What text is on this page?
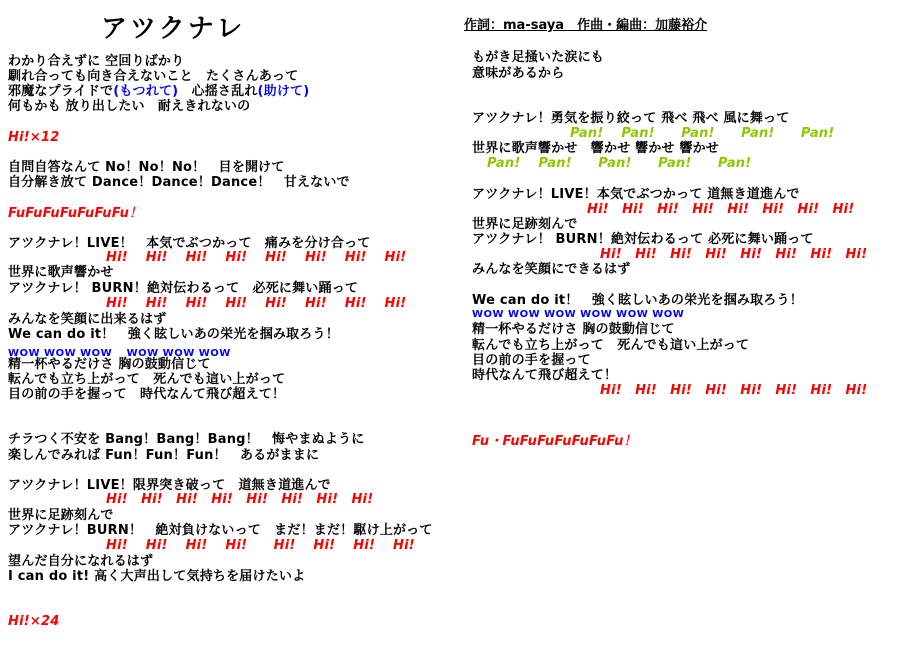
アツクナレ	作詞：ma-saya　作曲・編曲：加藤裕介
わかり合えずに 空回りばかり
馴れ合っても向き合えないこと　たくさんあって
邪魔なプライドで(もつれて)　心揺さ乱れ(助けて)
何もかも 放り出したい　耐えきれないの
Hi!×12
自問自答なんて No！No！No！　目を開けて
自分解き放て Dance！Dance！Dance！　甘えないで
FuFuFuFuFuFuFu！
アツクナレ！LIVE！　本気でぶつかって　痛みを分け合って
Hi!　 Hi!　 Hi!　 Hi!　 Hi!　 Hi!　 Hi!　 Hi!
世界に歌声響かせ
アツクナレ！ BURN！絶対伝わるって　必死に舞い踊って
Hi!　 Hi!　 Hi!　 Hi!　 Hi!　 Hi!　 Hi!　 Hi!
みんなを笑顔に出来るはず
We can do it！　強く眩しいあの栄光を掴み取ろう！
WOW WOW WOW　 WOW WOW WOW
精一杯やるだけさ 胸の鼓動信じて
転んでも立ち上がって　死んでも這い上がって
目の前の手を握って　時代なんて飛び超えて！
チラつく不安を Bang！Bang！Bang！　悔やまぬように
楽しんでみれば Fun！Fun！Fun！　あるがままに
アツクナレ！LIVE！限界突き破って　道無き道進んで
Hi!　Hi!　Hi!　Hi!　Hi!　Hi!　Hi!　Hi!
世界に足跡刻んで
アツクナレ！BURN！　絶対負けないって　まだ！まだ！駆け上がって
Hi!　 Hi!　 Hi!　 Hi!　　Hi!　 Hi!　 Hi!　 Hi!
望んだ自分になれるはず
I can do it! 高く大声出して気持ちを届けたいよ
Hi!×24
もがき足掻いた涙にも
意味があるから
アツクナレ！勇気を振り絞って 飛べ 飛べ 風に舞って
Pan!　 Pan!　　Pan!　　Pan!　　Pan!
世界に歌声響かせ　響かせ 響かせ 響かせ
Pan!　 Pan!　　Pan!　　Pan!　　Pan!
アツクナレ！LIVE！本気でぶつかって 道無き道進んで
Hi!　Hi!　Hi!　Hi!　Hi!　Hi!　Hi!　Hi!
世界に足跡刻んで
アツクナレ！ BURN！絶対伝わるって 必死に舞い踊って
Hi!　Hi!　Hi!　Hi!　Hi!　Hi!　Hi!　Hi!
みんなを笑顔にできるはず
We can do it！　強く眩しいあの栄光を掴み取ろう！
WOW WOW WOW WOW WOW WOW
精一杯やるだけさ 胸の鼓動信じて
転んでも立ち上がって　死んでも這い上がって
目の前の手を握って
時代なんて飛び超えて！
Hi!　Hi!　Hi!　Hi!　Hi!　Hi!　Hi!　Hi!
Fu・FuFuFuFuFuFuFu！
